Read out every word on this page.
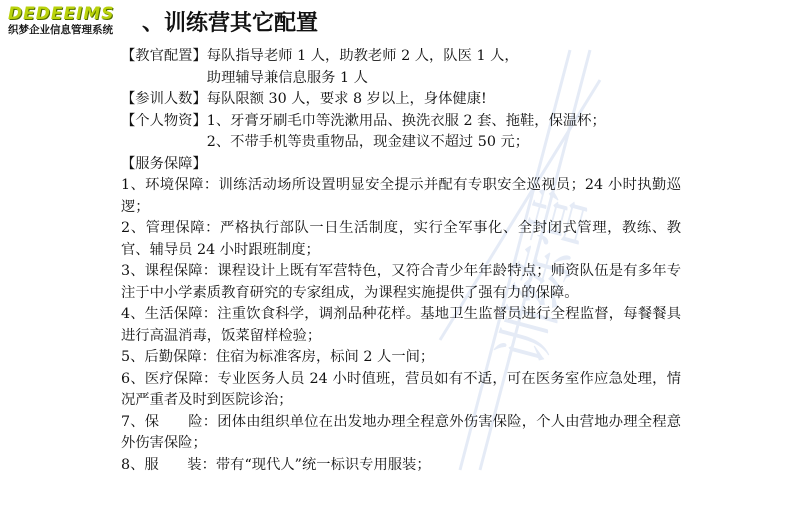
DEDEEIMS
织梦企业信息管理系统	、训练营其它配置
训练营
【教官配置】 每队指导老师 1 人，助教老师 2 人，队医 1 人，
助理辅导兼信息服务 1 人
【参训人数】 每队限额 30 人，要求 8 岁以上，身体健康!
【个人物资】 1、牙膏牙刷毛巾等洗漱用品、换洗衣服 2 套、拖鞋，保温杯；
2、不带手机等贵重物品，现金建议不超过 50 元；
【服务保障】
1、环境保障：训练活动场所设置明显安全提示并配有专职安全巡视员；24 小时执勤巡逻；
2、管理保障：严格执行部队一日生活制度，实行全军事化、全封闭式管理，教练、教官、辅导员 24 小时跟班制度；
3、课程保障：课程设计上既有军营特色，又符合青少年年龄特点；师资队伍是有多年专注于中小学素质教育研究的专家组成，为课程实施提供了强有力的保障。
4、生活保障：注重饮食科学，调剂品种花样。基地卫生监督员进行全程监督，每餐餐具进行高温消毒，饭菜留样检验；
5、后勤保障：住宿为标准客房，标间 2 人一间；
6、医疗保障：专业医务人员 24 小时值班，营员如有不适，可在医务室作应急处理，情况严重者及时到医院诊治；
7、保　　险：团体由组织单位在出发地办理全程意外伤害保险，个人由营地办理全程意外伤害保险；
8、服　　装：带有“现代人”统一标识专用服装；
